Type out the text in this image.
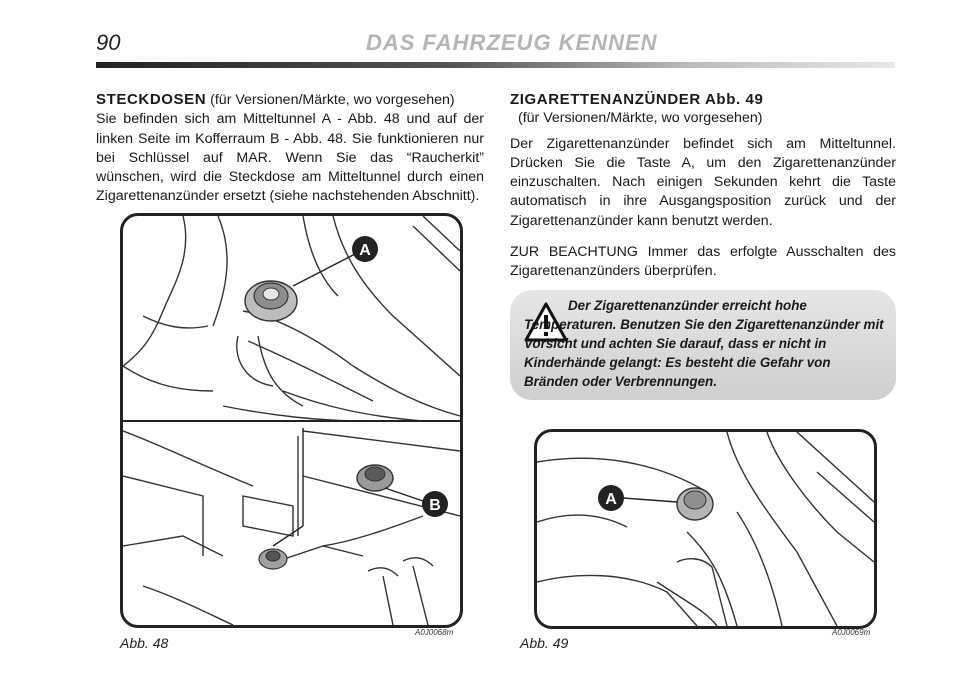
90	DAS FAHRZEUG KENNEN
STECKDOSEN (für Versionen/Märkte, wo vorgesehen)

Sie befinden sich am Mitteltunnel A - Abb. 48 und auf der linken Seite im Kofferraum B - Abb. 48. Sie funktionieren nur bei Schlüssel auf MAR. Wenn Sie das “Raucherkit” wünschen, wird die Steckdose am Mitteltunnel durch einen Zigarettenanzünder ersetzt (siehe nachstehenden Abschnitt).

A
B
Abb. 48
A0J0068m
ZIGARETTENANZÜNDER Abb. 49
(für Versionen/Märkte, wo vorgesehen)

Der Zigarettenanzünder befindet sich am Mitteltunnel. Drücken Sie die Taste A, um den Zigarettenanzünder einzuschalten. Nach einigen Sekunden kehrt die Taste automatisch in ihre Ausgangsposition zurück und der Zigarettenanzünder kann benutzt werden.

ZUR BEACHTUNG Immer das erfolgte Ausschalten des Zigarettenanzünders überprüfen.

Der Zigarettenanzünder erreicht hohe Temperaturen. Benutzen Sie den Zigarettenanzünder mit Vorsicht und achten Sie darauf, dass er nicht in Kinderhände gelangt: Es besteht die Gefahr von Bränden oder Verbrennungen.
A
Abb. 49
A0J0069m
